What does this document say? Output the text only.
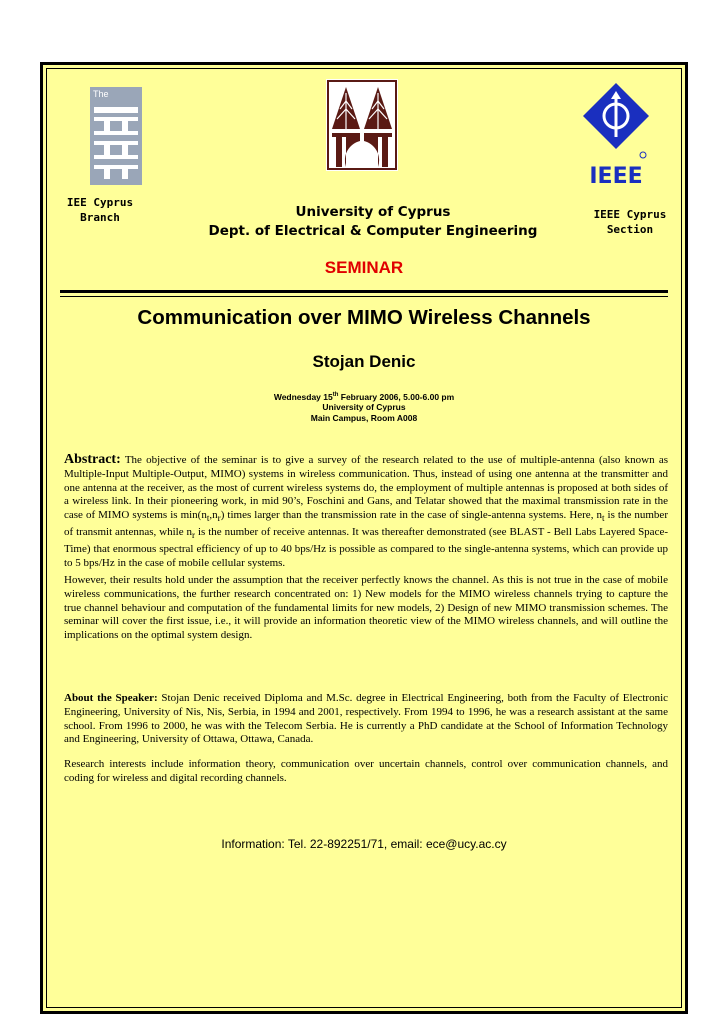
The
IEEE
IEE Cyprus Branch	IEEE Cyprus Section
University of Cyprus
Dept. of Electrical & Computer Engineering
SEMINAR
Communication over MIMO Wireless Channels
Stojan Denic
Wednesday 15th February 2006, 5.00-6.00 pm
University of Cyprus
Main Campus, Room A008
Abstract: The objective of the seminar is to give a survey of the research related to the use of multiple-antenna (also known as Multiple-Input Multiple-Output, MIMO) systems in wireless communication. Thus, instead of using one antenna at the transmitter and one antenna at the receiver, as the most of current wireless systems do, the employment of multiple antennas is proposed at both sides of a wireless link. In their pioneering work, in mid 90’s, Foschini and Gans, and Telatar showed that the maximal transmission rate in the case of MIMO systems is $\min(n_t,n_r)$ times larger than the transmission rate in the case of single-antenna systems. Here, $n_t$ is the number of transmit antennas, while $n_r$ is the number of receive antennas. It was thereafter demonstrated (see BLAST - Bell Labs Layered Space-Time) that enormous spectral efficiency of up to 40 bps/Hz is possible as compared to the single-antenna systems, which can provide up to 5 bps/Hz in the case of mobile cellular systems.
However, their results hold under the assumption that the receiver perfectly knows the channel. As this is not true in the case of mobile wireless communications, the further research concentrated on: 1) New models for the MIMO wireless channels trying to capture the true channel behaviour and computation of the fundamental limits for new models, 2) Design of new MIMO transmission schemes. The seminar will cover the first issue, i.e., it will provide an information theoretic view of the MIMO wireless channels, and will outline the implications on the optimal system design.
About the Speaker: Stojan Denic received Diploma and M.Sc. degree in Electrical Engineering, both from the Faculty of Electronic Engineering, University of Nis, Nis, Serbia, in 1994 and 2001, respectively. From 1994 to 1996, he was a research assistant at the same school. From 1996 to 2000, he was with the Telecom Serbia. He is currently a PhD candidate at the School of Information Technology and Engineering, University of Ottawa, Ottawa, Canada.
Research interests include information theory, communication over uncertain channels, control over communication channels, and coding for wireless and digital recording channels.
Information: Tel. 22-892251/71, email: ece@ucy.ac.cy
